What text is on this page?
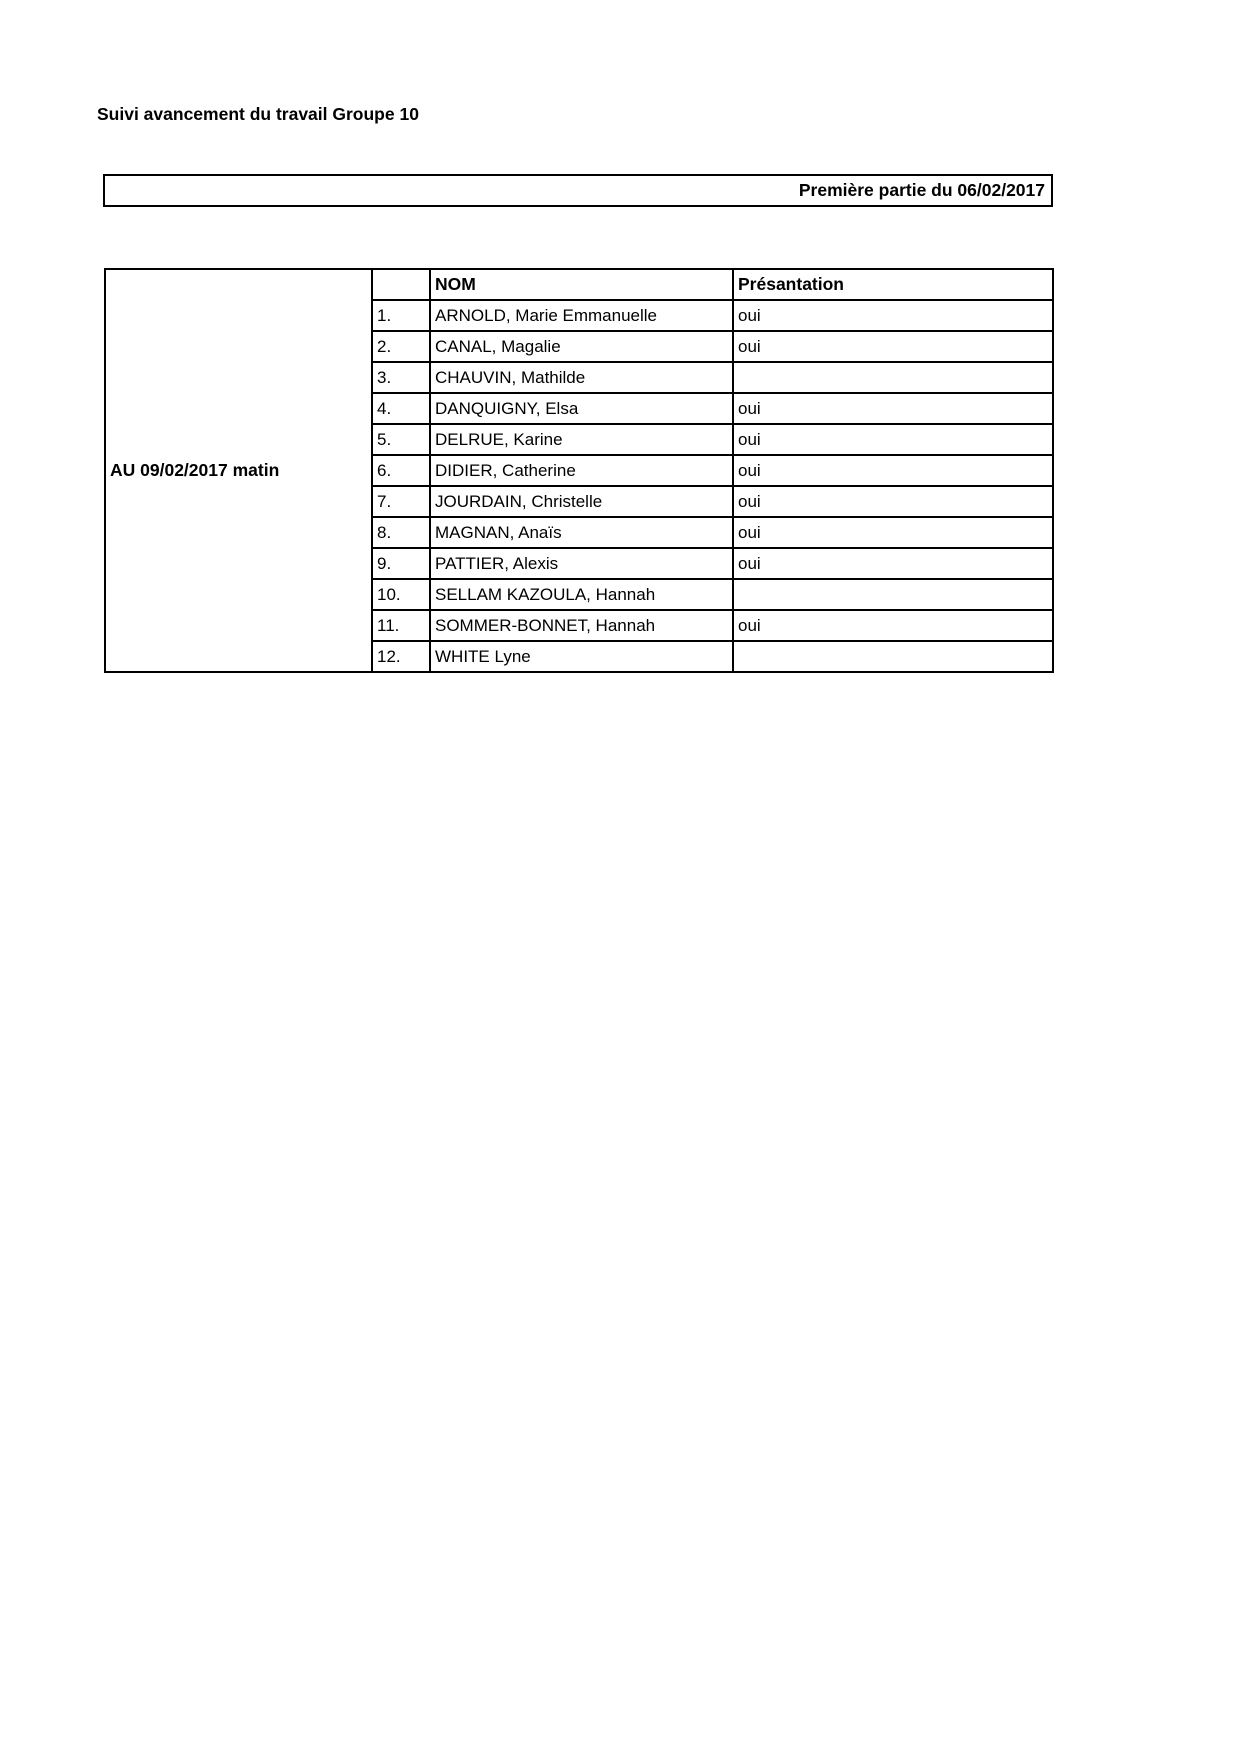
Suivi avancement du travail Groupe 10
Première partie du 06/02/2017
AU 09/02/2017 matin		NOM	Présantation
	1.	ARNOLD, Marie Emmanuelle	oui
	2.	CANAL, Magalie	oui
	3.	CHAUVIN, Mathilde	
	4.	DANQUIGNY, Elsa	oui
	5.	DELRUE, Karine	oui
	6.	DIDIER, Catherine	oui
	7.	JOURDAIN, Christelle	oui
	8.	MAGNAN, Anaïs	oui
	9.	PATTIER, Alexis	oui
	10.	SELLAM KAZOULA, Hannah	
	11.	SOMMER-BONNET, Hannah	oui
	12.	WHITE Lyne	
